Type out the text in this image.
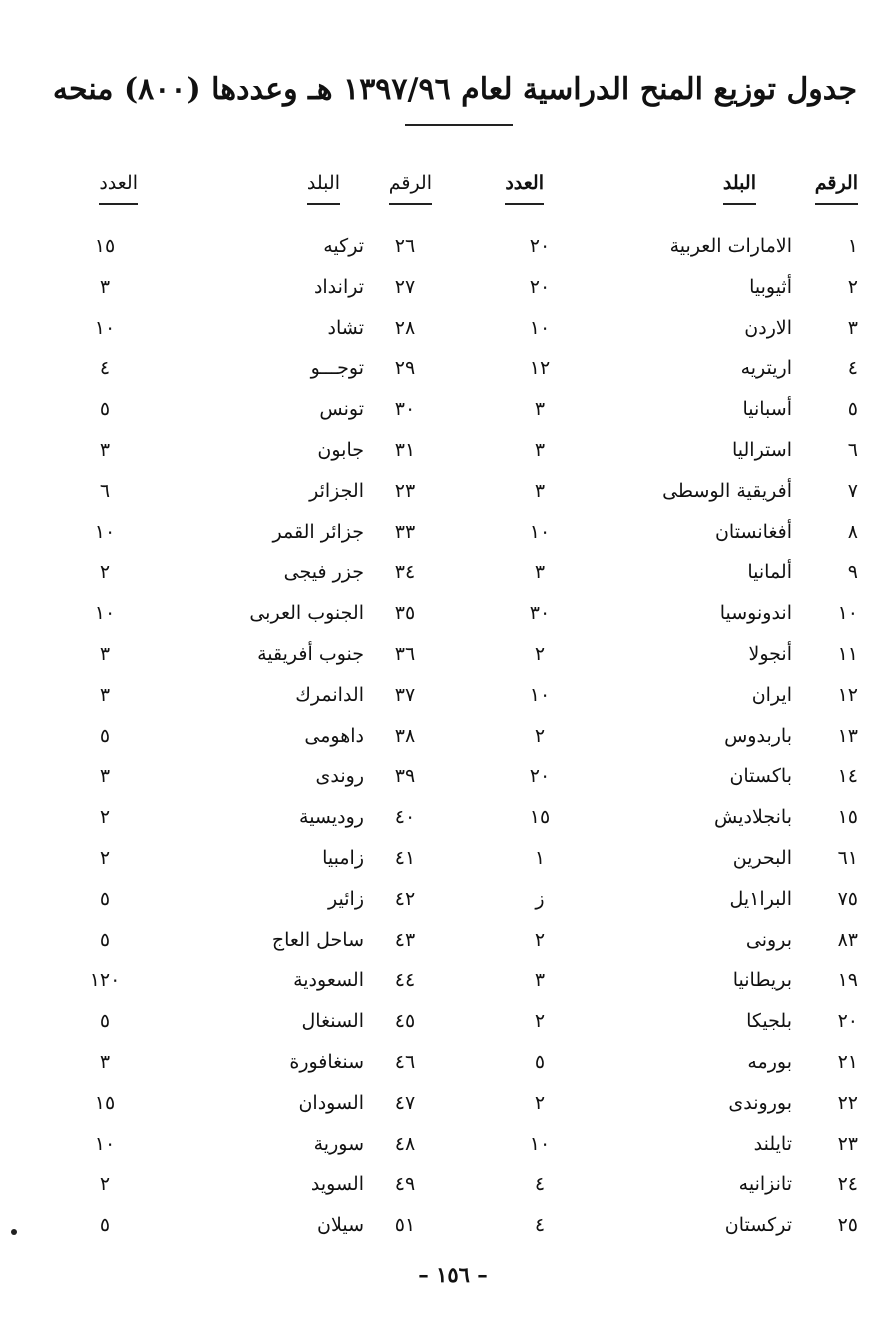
جدول توزيع المنح الدراسية لعام ١٣٩٧/٩٦ هـ وعددها (٨٠٠) منحه
الرقم
البلد
العدد
الرقم
البلد
العدد
١
الامارات العربية
٢٠
٢٦
تركيه
١٥
٢
أثيوبيا
٢٠
٢٧
ترانداد
٣
٣
الاردن
١٠
٢٨
تشاد
١٠
٤
اريتريه
١٢
٢٩
توجـــو
٤
٥
أسبانيا
٣
٣٠
تونس
٥
٦
استراليا
٣
٣١
جابون
٣
٧
أفريقية الوسطى
٣
٢٣
الجزائر
٦
٨
أفغانستان
١٠
٣٣
جزائر القمر
١٠
٩
ألمانيا
٣
٣٤
جزر فيجى
٢
١٠
اندونوسيا
٣٠
٣٥
الجنوب العربى
١٠
١١
أنجولا
٢
٣٦
جنوب أفريقية
٣
١٢
ايران
١٠
٣٧
الدانمرك
٣
١٣
باربدوس
٢
٣٨
داهومى
٥
١٤
باكستان
٢٠
٣٩
روندى
٣
١٥
بانجلاديش
١٥
٤٠
روديسية
٢
٦١
البحرين
١
٤١
زامبيا
٢
٧٥
البرا١يل
ز
٤٢
زائير
٥
٨٣
برونى
٢
٤٣
ساحل العاج
٥
١٩
بريطانيا
٣
٤٤
السعودية
١٢٠
٢٠
بلجيكا
٢
٤٥
السنغال
٥
٢١
بورمه
٥
٤٦
سنغافورة
٣
٢٢
بوروندى
٢
٤٧
السودان
١٥
٢٣
تايلند
١٠
٤٨
سورية
١٠
٢٤
تانزانيه
٤
٤٩
السويد
٢
٢٥
تركستان
٤
٥١
سيلان
٥
– ١٥٦ –
